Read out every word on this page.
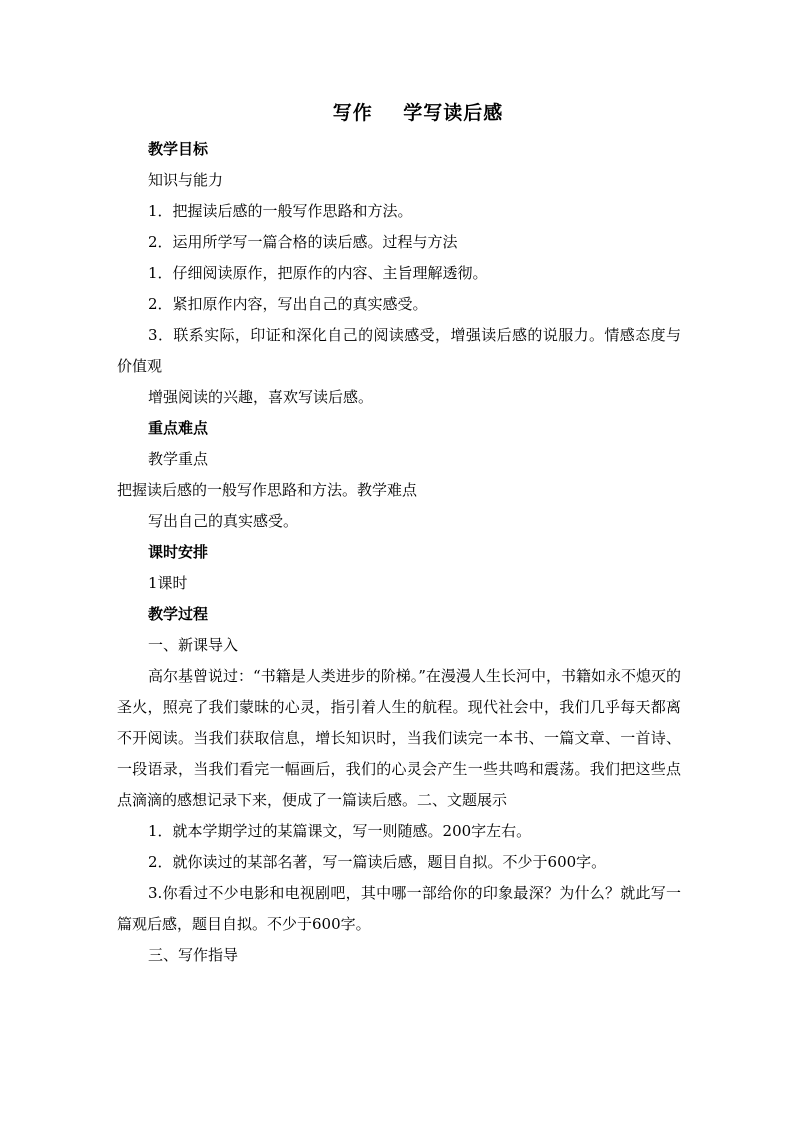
写作    学写读后感
教学目标
知识与能力
1．把握读后感的一般写作思路和方法。
2．运用所学写一篇合格的读后感。过程与方法
1．仔细阅读原作，把原作的内容、主旨理解透彻。
2．紧扣原作内容，写出自己的真实感受。
3．联系实际，印证和深化自己的阅读感受，增强读后感的说服力。情感态度与价值观
增强阅读的兴趣，喜欢写读后感。
重点难点
教学重点
把握读后感的一般写作思路和方法。教学难点
写出自己的真实感受。
课时安排
1课时
教学过程
一、新课导入
高尔基曾说过：“书籍是人类进步的阶梯。”在漫漫人生长河中，书籍如永不熄灭的圣火，照亮了我们蒙昧的心灵，指引着人生的航程。现代社会中，我们几乎每天都离不开阅读。当我们获取信息，增长知识时，当我们读完一本书、一篇文章、一首诗、一段语录，当我们看完一幅画后，我们的心灵会产生一些共鸣和震荡。我们把这些点点滴滴的感想记录下来，便成了一篇读后感。二、文题展示
1．就本学期学过的某篇课文，写一则随感。200字左右。
2．就你读过的某部名著，写一篇读后感，题目自拟。不少于600字。
3.你看过不少电影和电视剧吧，其中哪一部给你的印象最深？为什么？就此写一篇观后感，题目自拟。不少于600字。
三、写作指导
